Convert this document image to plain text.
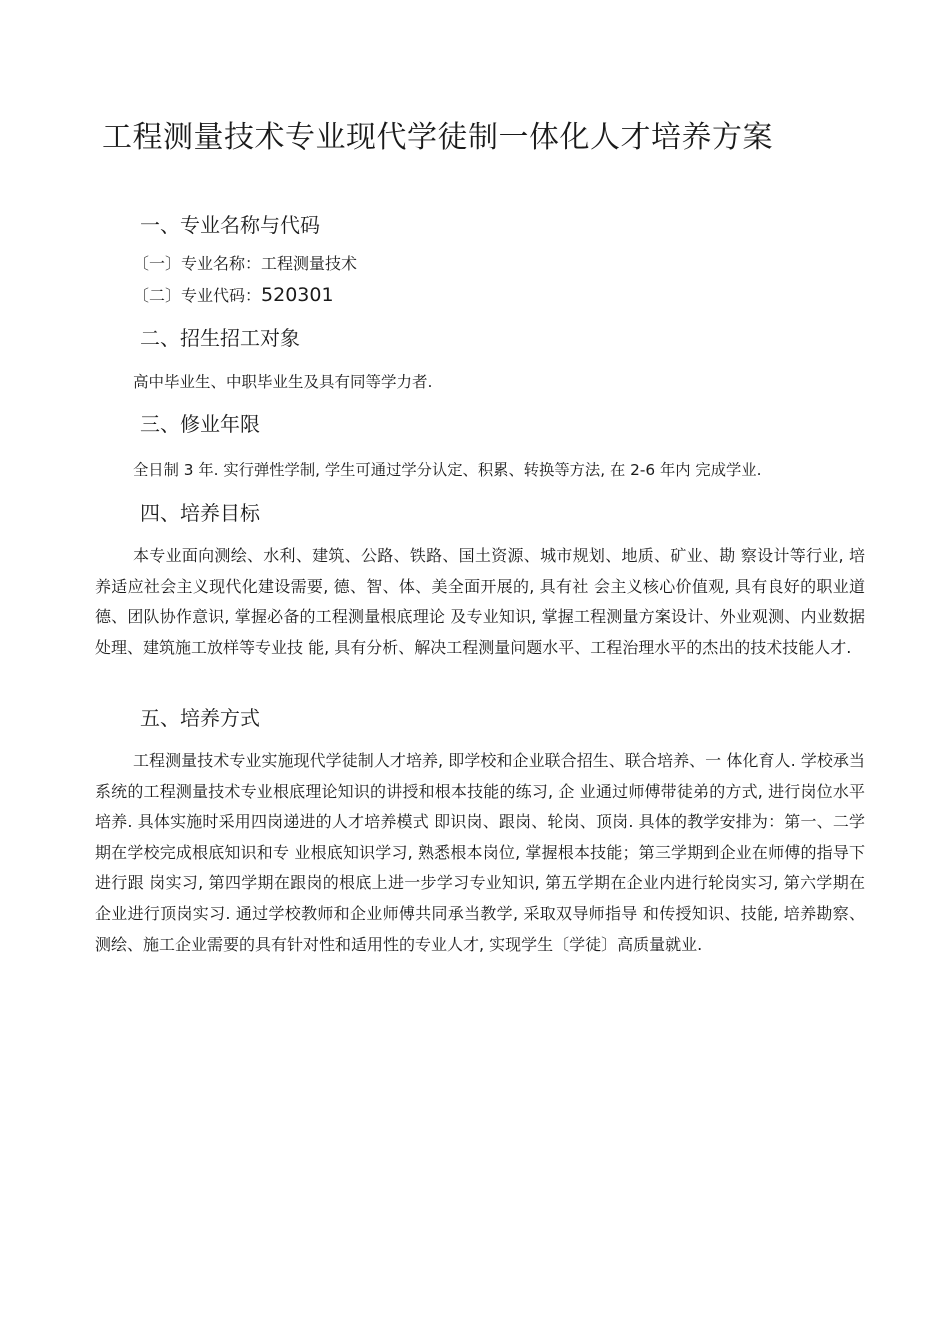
工程测量技术专业现代学徒制一体化人才培养方案
一、专业名称与代码

〔一〕专业名称：工程测量技术

〔二〕专业代码：520301

二、招生招工对象

高中毕业生、中职毕业生及具有同等学力者.

三、修业年限

全日制 3 年. 实行弹性学制, 学生可通过学分认定、积累、转换等方法, 在 2-6 年内 完成学业.

四、培养目标

本专业面向测绘、水利、建筑、公路、铁路、国土资源、城市规划、地质、矿业、勘 察设计等行业, 培养适应社会主义现代化建设需要, 德、智、体、美全面开展的, 具有社 会主义核心价值观, 具有良好的职业道德、团队协作意识, 掌握必备的工程测量根底理论 及专业知识, 掌握工程测量方案设计、外业观测、内业数据处理、建筑施工放样等专业技 能, 具有分析、解决工程测量问题水平、工程治理水平的杰出的技术技能人才.

五、培养方式

工程测量技术专业实施现代学徒制人才培养, 即学校和企业联合招生、联合培养、一 体化育人. 学校承当系统的工程测量技术专业根底理论知识的讲授和根本技能的练习, 企 业通过师傅带徒弟的方式, 进行岗位水平培养. 具体实施时采用四岗递进的人才培养模式 即识岗、跟岗、轮岗、顶岗. 具体的教学安排为：第一、二学期在学校完成根底知识和专 业根底知识学习, 熟悉根本岗位, 掌握根本技能；第三学期到企业在师傅的指导下进行跟 岗实习, 第四学期在跟岗的根底上进一步学习专业知识, 第五学期在企业内进行轮岗实习, 第六学期在企业进行顶岗实习. 通过学校教师和企业师傅共同承当教学, 采取双导师指导 和传授知识、技能, 培养勘察、测绘、施工企业需要的具有针对性和适用性的专业人才, 实现学生〔学徒〕高质量就业.
